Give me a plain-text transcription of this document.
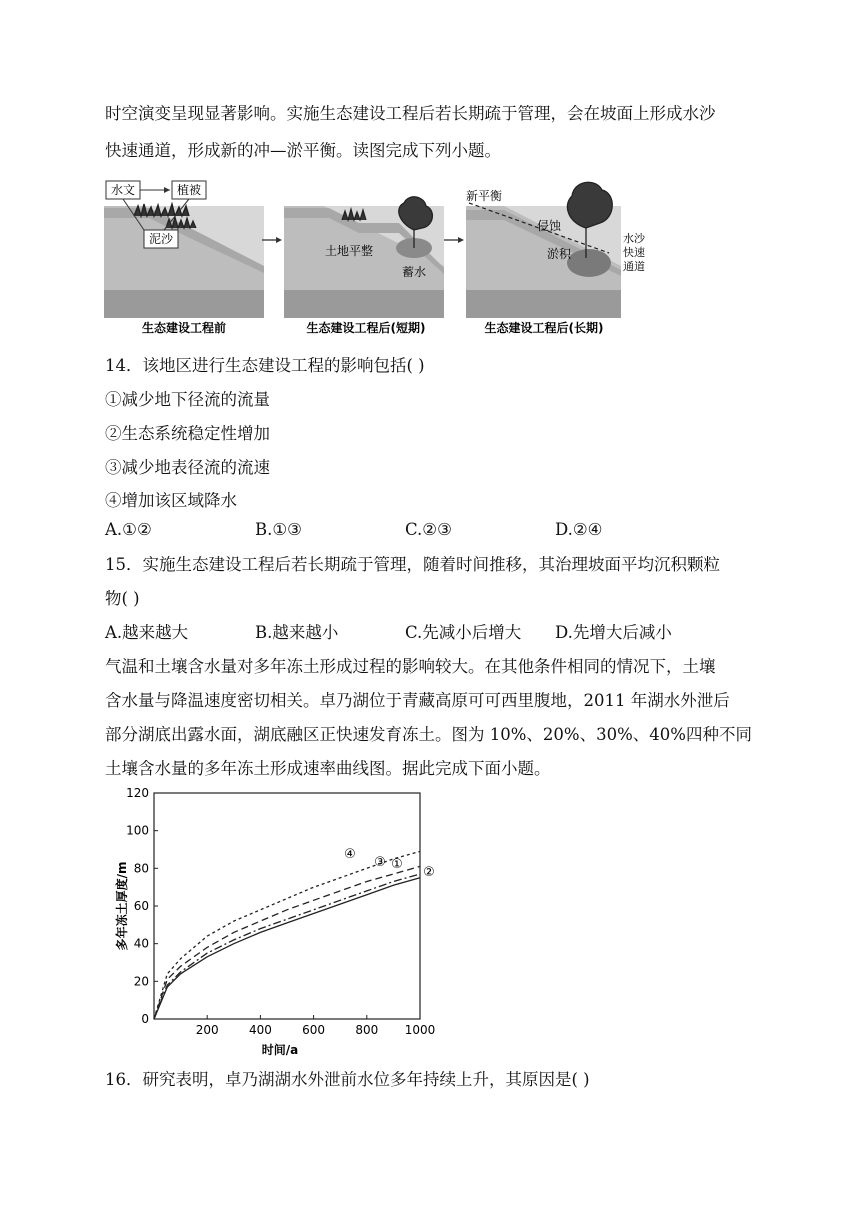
时空演变呈现显著影响。实施生态建设工程后若长期疏于管理，会在坡面上形成水沙
快速通道，形成新的冲—淤平衡。读图完成下列小题。
水文	植被
泥沙
生态建设工程前
土地平整
蓄水
生态建设工程后(短期)
新平衡
侵蚀
淤积
水沙
快速
通道
生态建设工程后(长期)
14．该地区进行生态建设工程的影响包括( )
①减少地下径流的流量
②生态系统稳定性增加
③减少地表径流的流速
④增加该区域降水
A.①②	B.①③	C.②③	D.②④
15．实施生态建设工程后若长期疏于管理，随着时间推移，其治理坡面平均沉积颗粒
物( )
A.越来越大	B.越来越小	C.先减小后增大 D.先增大后减小
气温和土壤含水量对多年冻土形成过程的影响较大。在其他条件相同的情况下，土壤
含水量与降温速度密切相关。卓乃湖位于青藏高原可可西里腹地，2011 年湖水外泄后
部分湖底出露水面，湖底融区正快速发育冻土。图为 10%、20%、30%、40%四种不同
土壤含水量的多年冻土形成速率曲线图。据此完成下面小题。
0
20
40
60
80
100
120
200	400	600	800 1000
①
②
③
④
时间/a
多年冻土厚度/m
16．研究表明，卓乃湖湖水外泄前水位多年持续上升，其原因是( )
